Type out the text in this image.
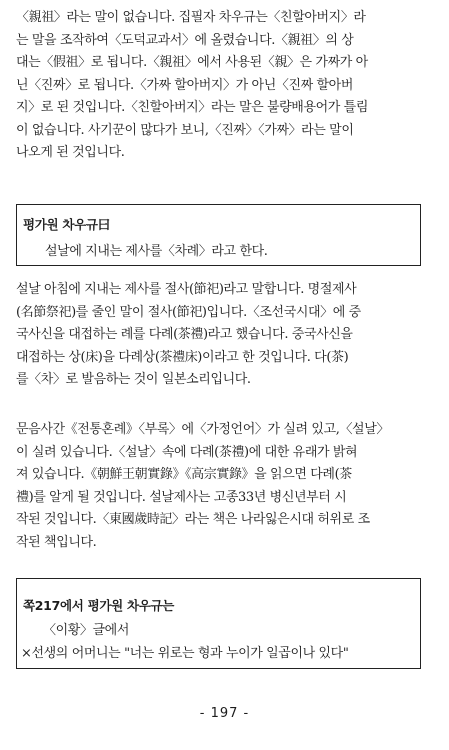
〈親祖〉라는 말이 없습니다. 집필자 차우규는〈친할아버지〉라
는 말을 조작하여〈도덕교과서〉에 올렸습니다.〈親祖〉의 상
대는〈假祖〉로 됩니다.〈親祖〉에서 사용된〈親〉은 가짜가 아
닌〈진짜〉로 됩니다.〈가짜 할아버지〉가 아닌〈진짜 할아버
지〉로 된 것입니다.〈친할아버지〉라는 말은 불량배용어가 틀림
이 없습니다. 사기꾼이 많다가 보니,〈진짜〉〈가짜〉라는 말이
나오게 된 것입니다.
평가원 차우규曰
설날에 지내는 제사를〈차례〉라고 한다.
설날 아침에 지내는 제사를 절사(節祀)라고 말합니다. 명절제사
(名節祭祀)를 줄인 말이 절사(節祀)입니다.〈조선국시대〉에 중
국사신을 대접하는 례를 다례(茶禮)라고 했습니다. 중국사신을
대접하는 상(床)을 다례상(茶禮床)이라고 한 것입니다. 다(茶)
를〈차〉로 발음하는 것이 일본소리입니다.
문음사간《전통혼례》〈부록〉에〈가정언어〉가 실려 있고,〈설날〉
이 실려 있습니다.〈설날〉속에 다례(茶禮)에 대한 유래가 밝혀
져 있습니다.《朝鮮王朝實錄》《高宗實錄》을 읽으면 다례(茶
禮)를 알게 될 것입니다. 설날제사는 고종33년 병신년부터 시
작된 것입니다.〈東國歲時記〉라는 책은 나라잃은시대 허위로 조
작된 책입니다.
쪽217에서 평가원 차우규는
〈이황〉글에서
×선생의 어머니는 "너는 위로는 형과 누이가 일곱이나 있다"
- 197 -
